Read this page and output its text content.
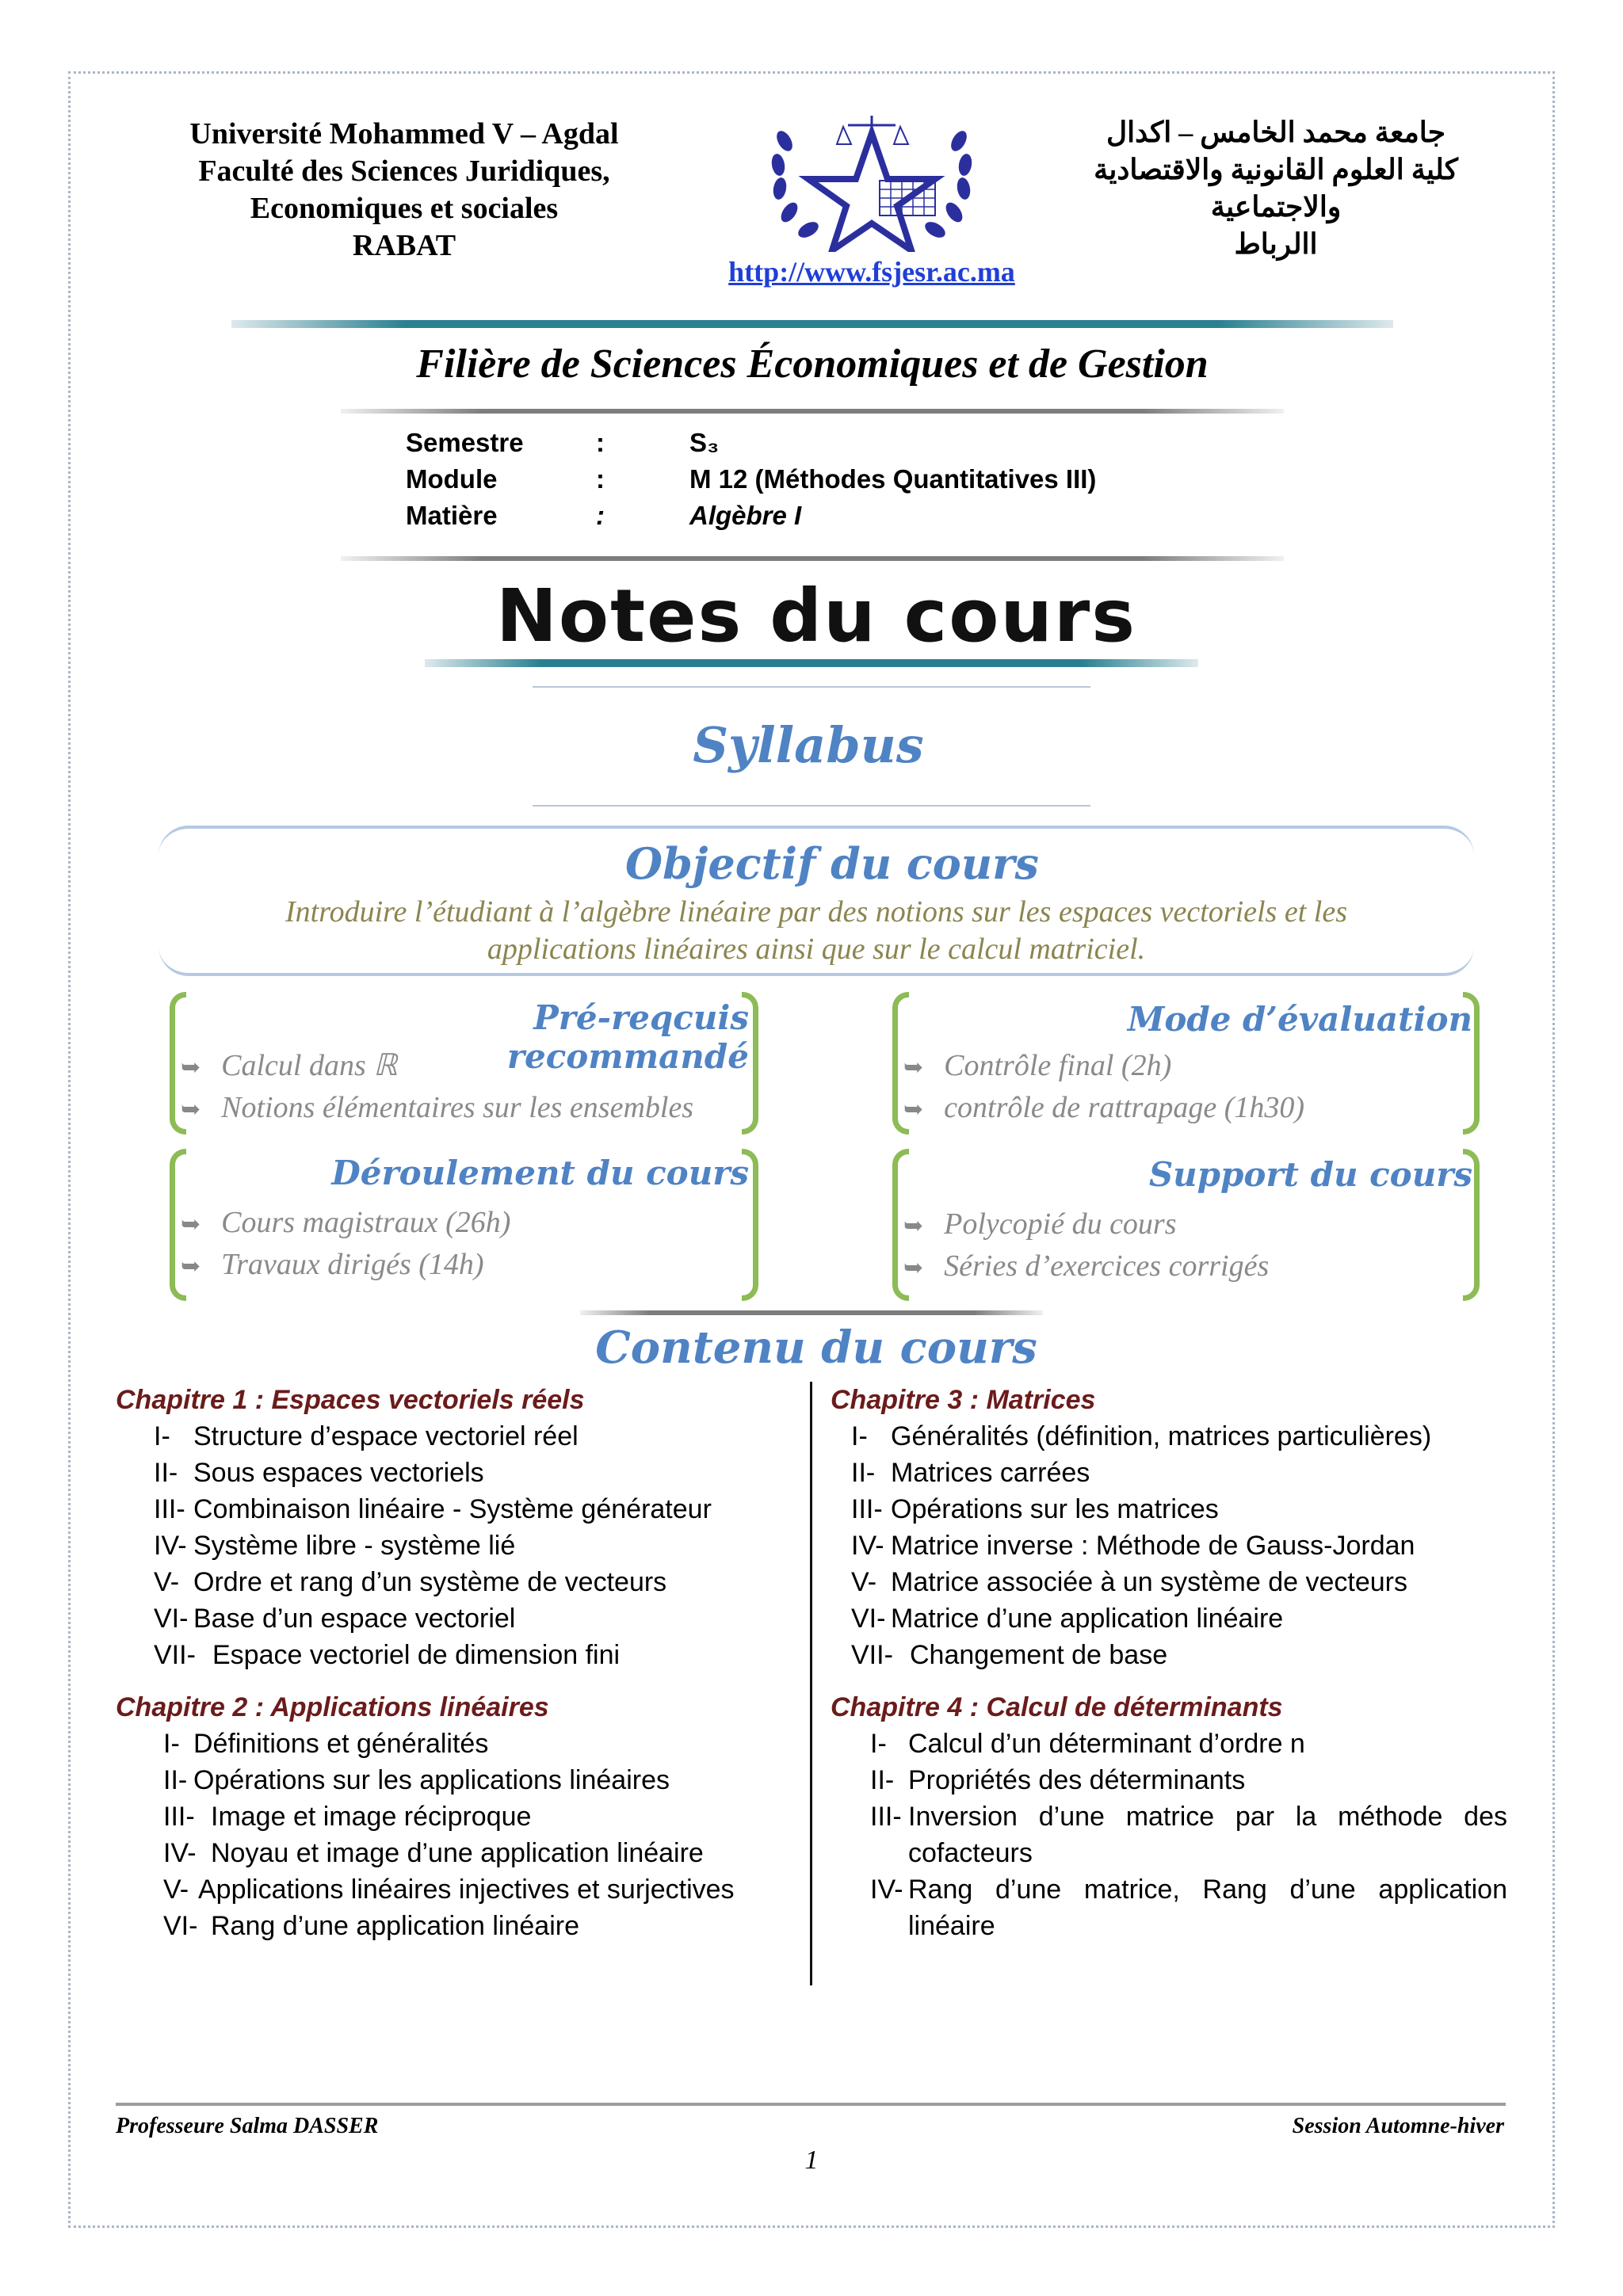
Université Mohammed V – Agdal
Faculté des Sciences Juridiques,
Economiques et sociales
RABAT
جامعة محمد الخامس – اكدال
كلية العلوم القانونية والاقتصادية
والاجتماعية
االرباط
http://www.fsjesr.ac.ma
Filière de Sciences Économiques et de Gestion
Semestre	:	S₃
Module	:	M 12 (Méthodes Quantitatives III)
Matière	:	Algèbre I
Notes du cours
Syllabus
Objectif du cours
Introduire l’étudiant à l’algèbre linéaire par des notions sur les espaces vectoriels et les
applications linéaires ainsi que sur le calcul matriciel.
Pré-reqcuis recommandé
➥ Calcul dans ℝ
➥ Notions élémentaires sur les ensembles
Mode d’évaluation
➥ Contrôle final (2h)
➥ contrôle de rattrapage (1h30)
Déroulement du cours
➥ Cours magistraux (26h)
➥ Travaux dirigés (14h)
Support du cours
➥ Polycopié du cours
➥ Séries d’exercices corrigés
Contenu du cours
Chapitre 1 : Espaces vectoriels réels
I- Structure d’espace vectoriel réel
II- Sous espaces vectoriels
III- Combinaison linéaire - Système générateur
IV- Système libre - système lié
V- Ordre et rang d’un système de vecteurs
VI- Base d’un espace vectoriel
VII- Espace vectoriel de dimension fini
Chapitre 2 : Applications linéaires
I- Définitions et généralités
II- Opérations sur les applications linéaires
III- Image et image réciproque
IV- Noyau et image d’une application linéaire
V- Applications linéaires injectives et surjectives
VI- Rang d’une application linéaire
Chapitre 3 : Matrices
I- Généralités (définition, matrices particulières)
II- Matrices carrées
III- Opérations sur les matrices
IV- Matrice inverse : Méthode de Gauss-Jordan
V- Matrice associée à un système de vecteurs
VI- Matrice d’une application linéaire
VII- Changement de base
Chapitre 4 : Calcul de déterminants
I- Calcul d’un déterminant d’ordre n
II- Propriétés des déterminants
III- Inversion d’une matrice par la méthode des cofacteurs
IV- Rang d’une matrice, Rang d’une application linéaire
Professeure Salma DASSER	Session Automne-hiver
1
